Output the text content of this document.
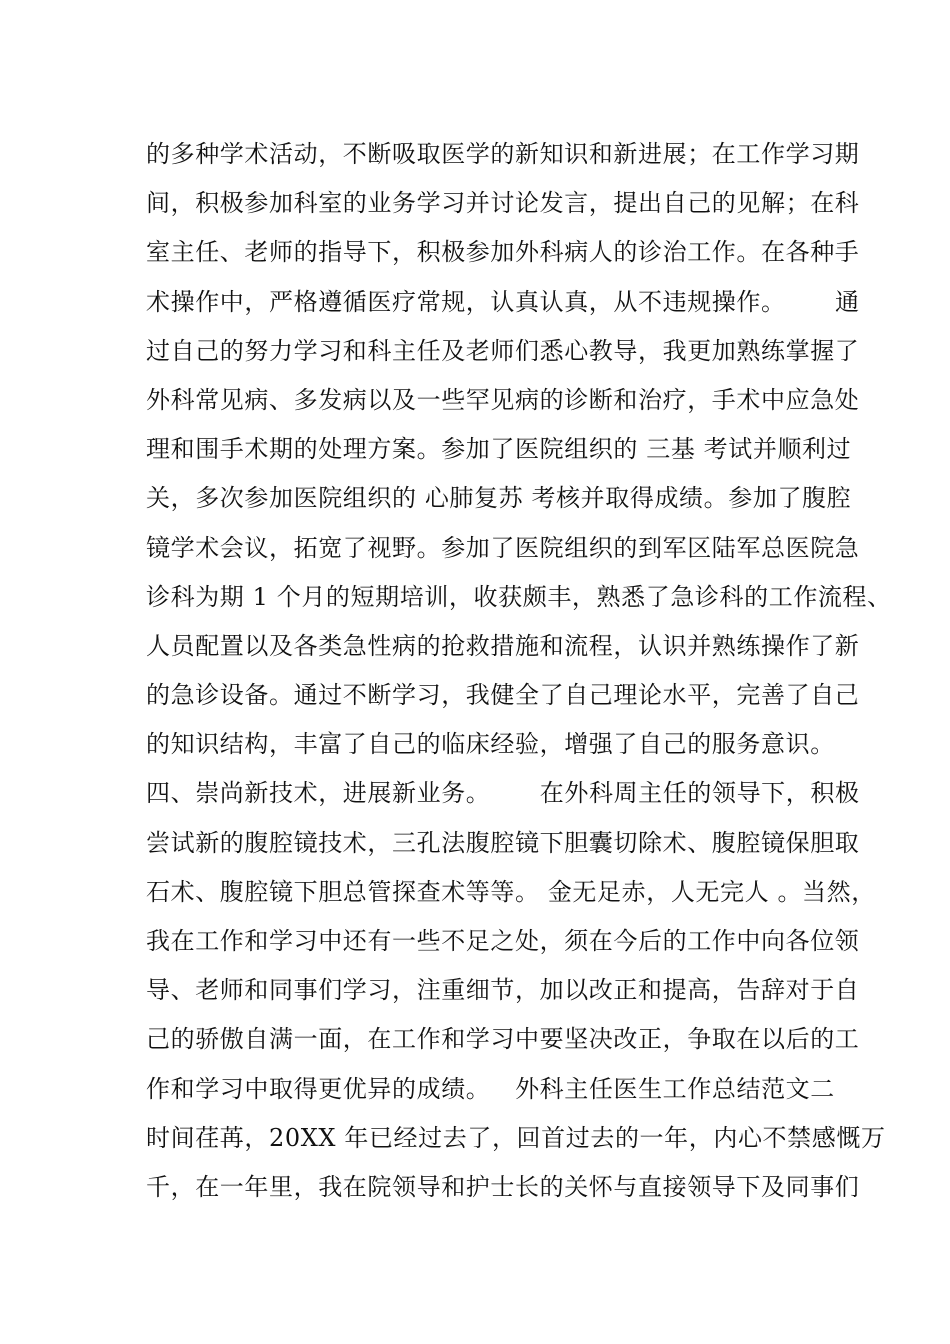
的多种学术活动，不断吸取医学的新知识和新进展；在工作学习期
间，积极参加科室的业务学习并讨论发言，提出自己的见解；在科
室主任、老师的指导下，积极参加外科病人的诊治工作。在各种手
术操作中，严格遵循医疗常规，认真认真，从不违规操作。      通
过自己的努力学习和科主任及老师们悉心教导，我更加熟练掌握了
外科常见病、多发病以及一些罕见病的诊断和治疗，手术中应急处
理和围手术期的处理方案。参加了医院组织的 三基 考试并顺利过
关，多次参加医院组织的 心肺复苏 考核并取得成绩。参加了腹腔
镜学术会议，拓宽了视野。参加了医院组织的到军区陆军总医院急
诊科为期 1 个月的短期培训，收获颇丰，熟悉了急诊科的工作流程、
人员配置以及各类急性病的抢救措施和流程，认识并熟练操作了新
的急诊设备。通过不断学习，我健全了自己理论水平，完善了自己
的知识结构，丰富了自己的临床经验，增强了自己的服务意识。
四、崇尚新技术，进展新业务。      在外科周主任的领导下，积极
尝试新的腹腔镜技术，三孔法腹腔镜下胆囊切除术、腹腔镜保胆取
石术、腹腔镜下胆总管探查术等等。 金无足赤，人无完人 。当然，
我在工作和学习中还有一些不足之处，须在今后的工作中向各位领
导、老师和同事们学习，注重细节，加以改正和提高，告辞对于自
己的骄傲自满一面，在工作和学习中要坚决改正，争取在以后的工
作和学习中取得更优异的成绩。   外科主任医生工作总结范文二
时间荏苒，20XX 年已经过去了，回首过去的一年，内心不禁感慨万
千，在一年里，我在院领导和护士长的关怀与直接领导下及同事们
